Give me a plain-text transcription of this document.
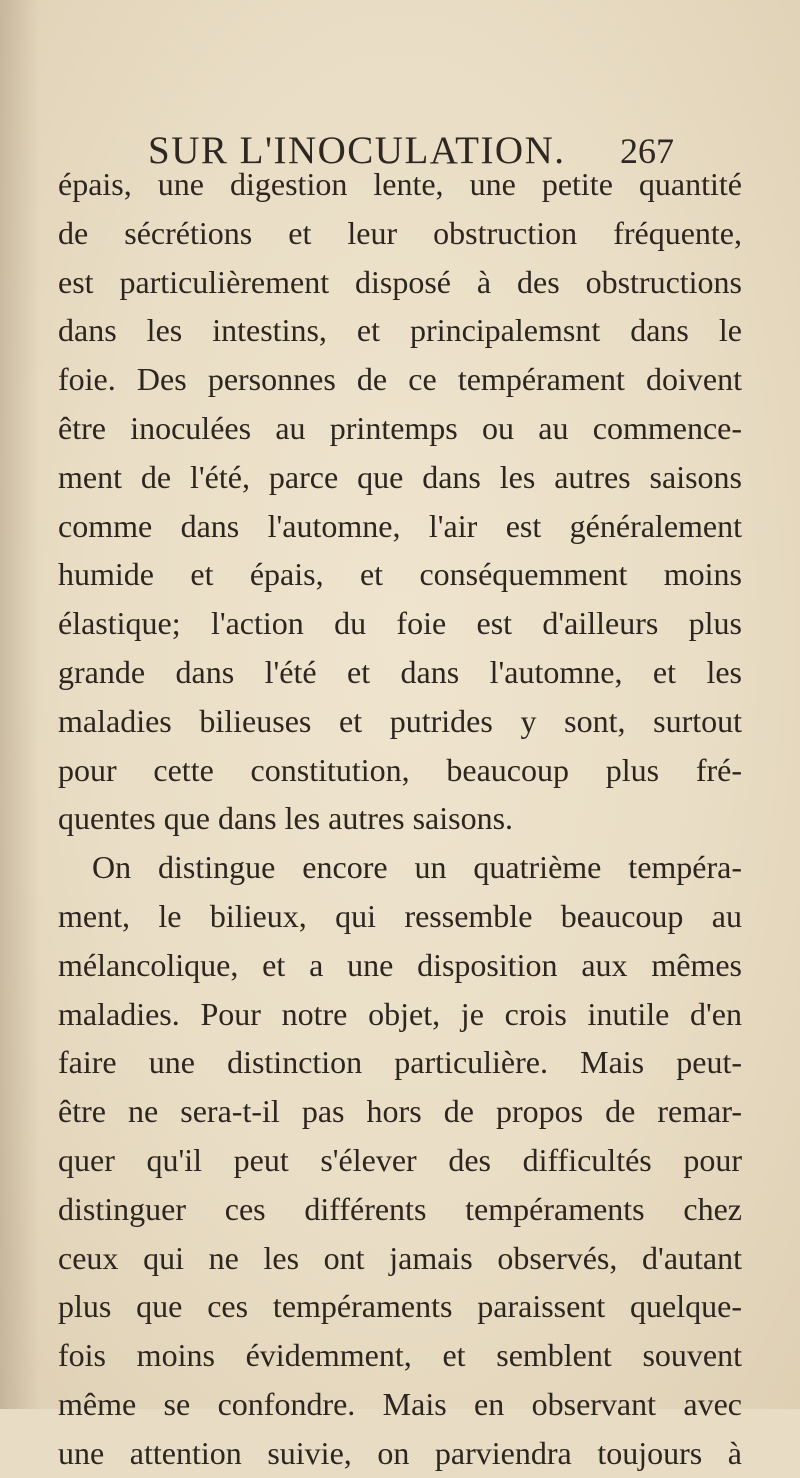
SUR L'INOCULATION. 267
épais, une digestion lente, une petite quantité
de sécrétions et leur obstruction fréquente,
est particulièrement disposé à des obstructions
dans les intestins, et principalemsnt dans le
foie. Des personnes de ce tempérament doivent
être inoculées au printemps ou au commence-
ment de l'été, parce que dans les autres saisons
comme dans l'automne, l'air est généralement
humide et épais, et conséquemment moins
élastique; l'action du foie est d'ailleurs plus
grande dans l'été et dans l'automne, et les
maladies bilieuses et putrides y sont, surtout
pour cette constitution, beaucoup plus fré-
quentes que dans les autres saisons.
On distingue encore un quatrième tempéra-
ment, le bilieux, qui ressemble beaucoup au
mélancolique, et a une disposition aux mêmes
maladies. Pour notre objet, je crois inutile d'en
faire une distinction particulière. Mais peut-
être ne sera-t-il pas hors de propos de remar-
quer qu'il peut s'élever des difficultés pour
distinguer ces différents tempéraments chez
ceux qui ne les ont jamais observés, d'autant
plus que ces tempéraments paraissent quelque-
fois moins évidemment, et semblent souvent
même se confondre. Mais en observant avec
une attention suivie, on parviendra toujours à
